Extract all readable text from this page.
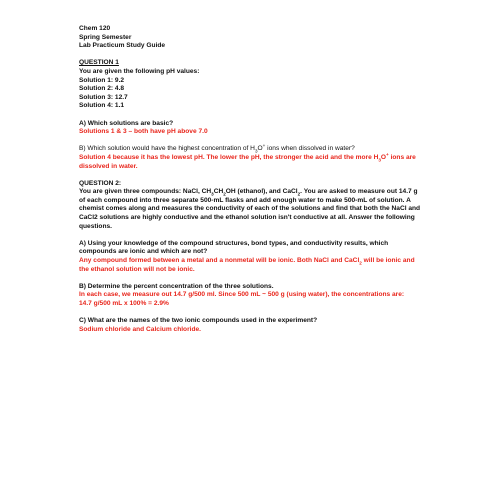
Chem 120
Spring Semester
Lab Practicum Study Guide
QUESTION 1
You are given the following pH values:
Solution 1: 9.2
Solution 2: 4.8
Solution 3: 12.7
Solution 4: 1.1
A) Which solutions are basic?
Solutions 1 & 3 – both have pH above 7.0
B) Which solution would have the highest concentration of $H_3O^+$ ions when dissolved in water?
Solution 4 because it has the lowest pH. The lower the pH, the stronger the acid and the more $H_3O^+$ ions are dissolved in water.
QUESTION 2:
You are given three compounds: NaCl, $CH_3CH_2OH$ (ethanol), and CaCl$_2$. You are asked to measure out 14.7 g of each compound into three separate 500-mL flasks and add enough water to make 500-mL of solution. A chemist comes along and measures the conductivity of each of the solutions and find that both the NaCl and CaCl2 solutions are highly conductive and the ethanol solution isn't conductive at all. Answer the following questions.
A) Using your knowledge of the compound structures, bond types, and conductivity results, which compounds are ionic and which are not?
Any compound formed between a metal and a nonmetal will be ionic. Both NaCl and CaCl$_2$ will be ionic and the ethanol solution will not be ionic.
B) Determine the percent concentration of the three solutions.
In each case, we measure out 14.7 g/500 ml. Since 500 mL ~ 500 g (using water), the concentrations are:
14.7 g/500 mL x 100% = 2.9%
C) What are the names of the two ionic compounds used in the experiment?
Sodium chloride and Calcium chloride.
